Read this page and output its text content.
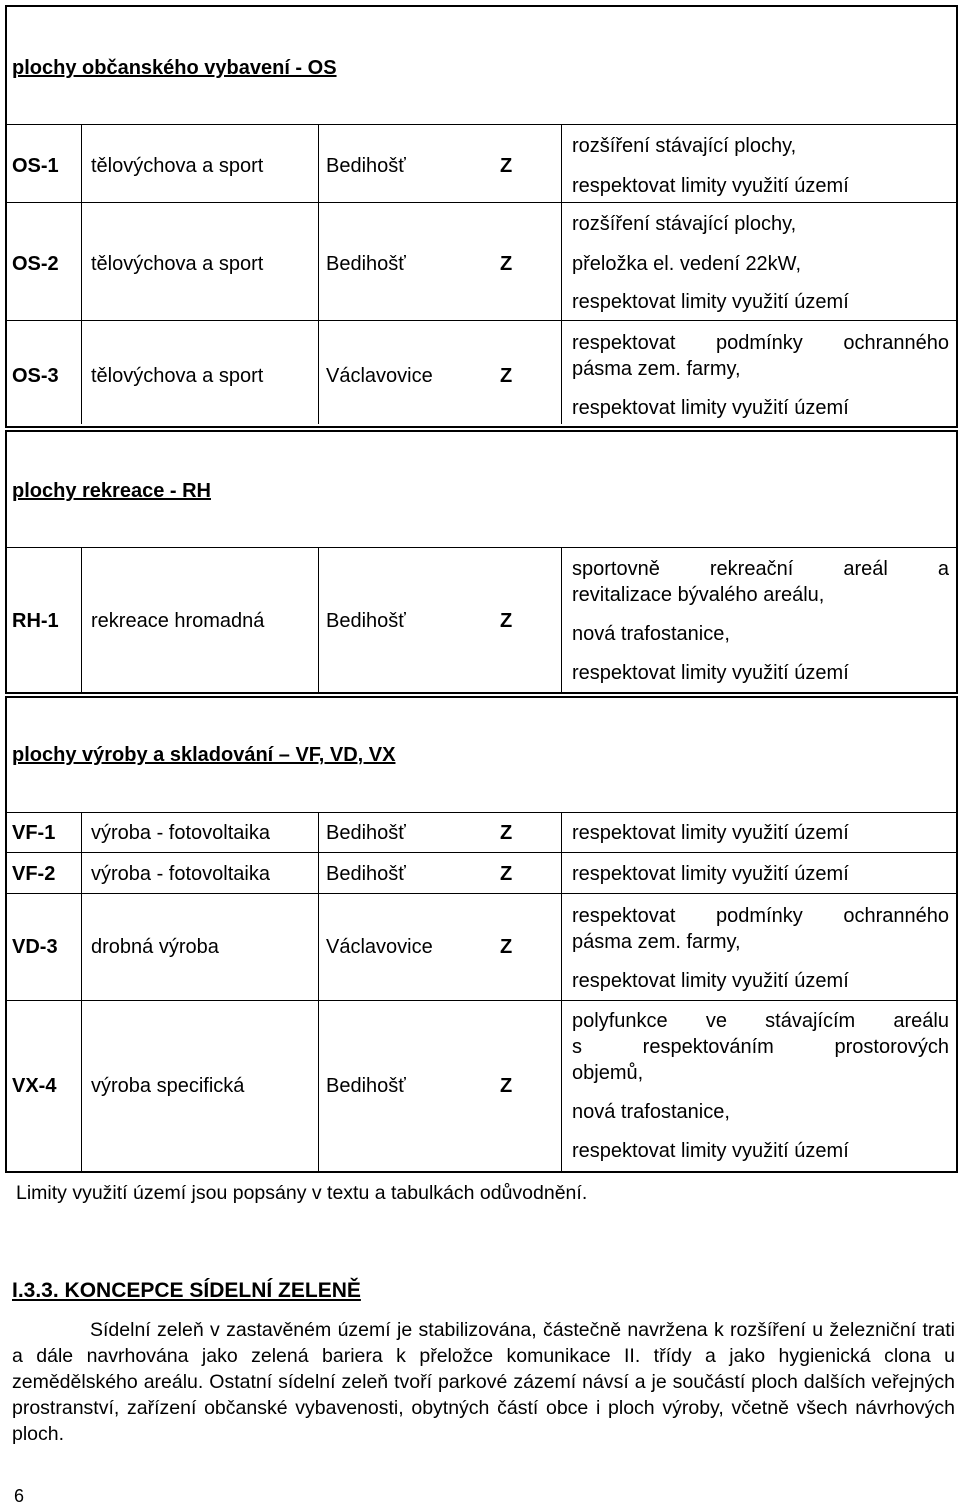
plochy občanského vybavení - OS
OS-1 tělovýchova a sport	Bedihošť	Z
rozšíření stávající plochy,
respektovat limity využití území
OS-2 tělovýchova a sport	Bedihošť	Z
rozšíření stávající plochy,
přeložka el. vedení 22kW,
respektovat limity využití území
OS-3 tělovýchova a sport	Václavovice	Z
respektovat podmínky ochranného
pásma zem. farmy,
respektovat limity využití území
plochy rekreace - RH
RH-1 rekreace hromadná	Bedihošť	Z
sportovně rekreační areál a
revitalizace bývalého areálu,
nová trafostanice,
respektovat limity využití území
plochy výroby a skladování – VF, VD, VX
VF-1 výroba - fotovoltaika	Bedihošť	Z	respektovat limity využití území
VF-2 výroba - fotovoltaika	Bedihošť	Z	respektovat limity využití území
VD-3 drobná výroba	Václavovice	Z
respektovat podmínky ochranného
pásma zem. farmy,
respektovat limity využití území
VX-4 výroba specifická	Bedihošť	Z
polyfunkce ve stávajícím areálu
s respektováním prostorových
objemů,
nová trafostanice,
respektovat limity využití území
Limity využití území jsou popsány v textu a tabulkách odůvodnění.
I.3.3. KONCEPCE SÍDELNÍ ZELENĚ
Sídelní zeleň v zastavěném území je stabilizována, částečně navržena k rozšíření u železniční trati a dále navrhována jako zelená bariera k přeložce komunikace II. třídy a jako hygienická clona u zemědělského areálu. Ostatní sídelní zeleň tvoří parkové zázemí návsí a je součástí ploch dalších veřejných prostranství, zařízení občanské vybavenosti, obytných částí obce i ploch výroby, včetně všech návrhových ploch.
6
